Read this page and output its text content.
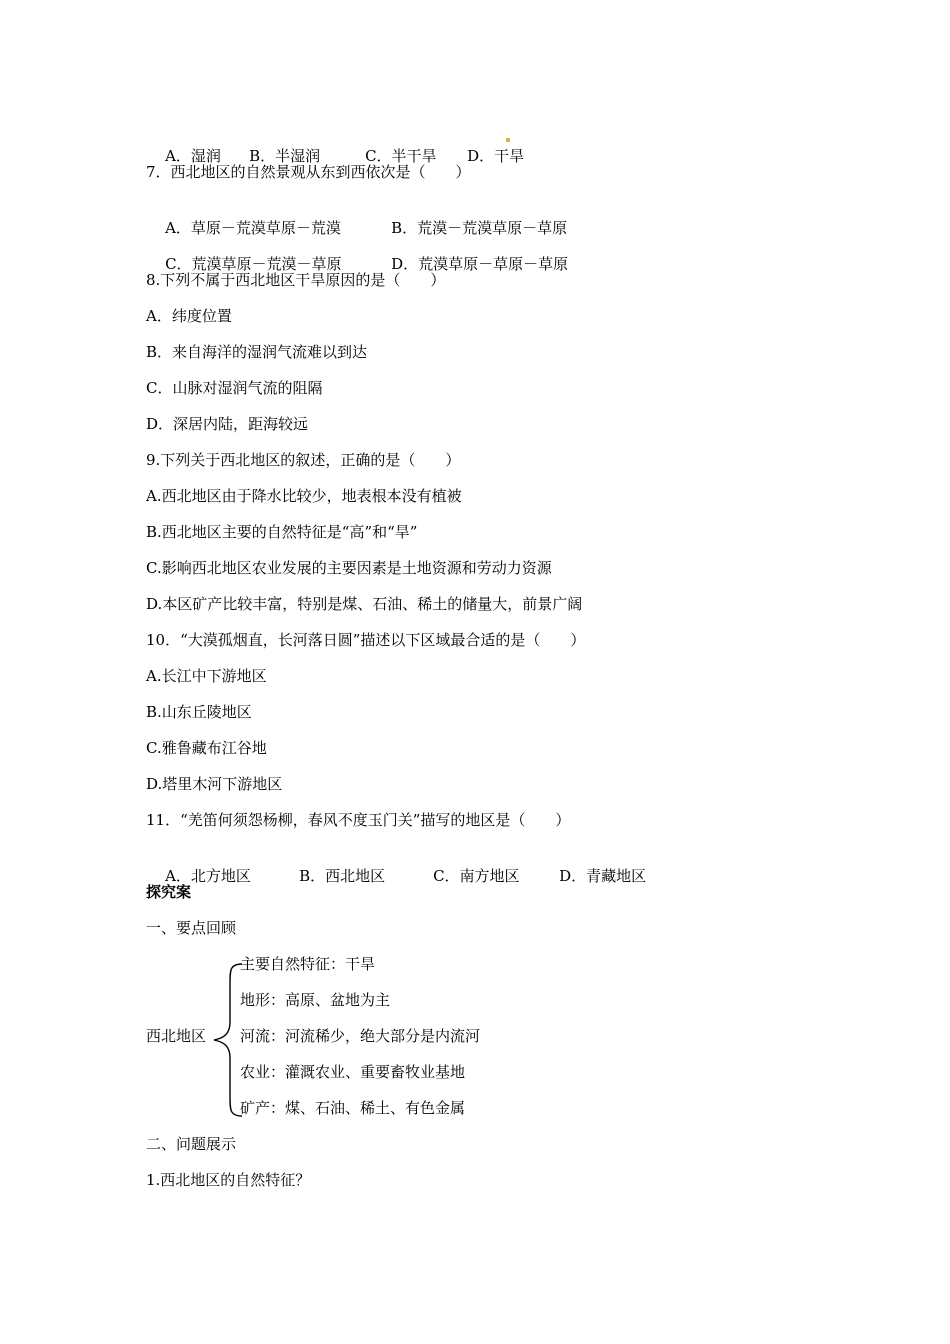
A．湿润 B．半湿润	C．半干旱 D．干旱

7．西北地区的自然景观从东到西依次是（　　）

A．草原－荒漠草原－荒漠	B．荒漠－荒漠草原－草原

C．荒漠草原－荒漠－草原	D．荒漠草原－草原－草原

8.下列不属于西北地区干旱原因的是（　　）
A．纬度位置
B．来自海洋的湿润气流难以到达
C．山脉对湿润气流的阻隔
D．深居内陆，距海较远
9.下列关于西北地区的叙述，正确的是（　　）
A.西北地区由于降水比较少，地表根本没有植被
B.西北地区主要的自然特征是“高”和“旱”
C.影响西北地区农业发展的主要因素是土地资源和劳动力资源
D.本区矿产比较丰富，特别是煤、石油、稀土的储量大，前景广阔
10．“大漠孤烟直，长河落日圆”描述以下区域最合适的是（　　）
A.长江中下游地区
B.山东丘陵地区
C.雅鲁藏布江谷地
D.塔里木河下游地区
11．“羌笛何须怨杨柳，春风不度玉门关”描写的地区是（　　）

A．北方地区	B．西北地区	C．南方地区	D．青藏地区

探究案
一、要点回顾
西北地区
主要自然特征：干旱
地形：高原、盆地为主
河流：河流稀少，绝大部分是内流河
农业：灌溉农业、重要畜牧业基地
矿产：煤、石油、稀土、有色金属
二、问题展示
1.西北地区的自然特征？
